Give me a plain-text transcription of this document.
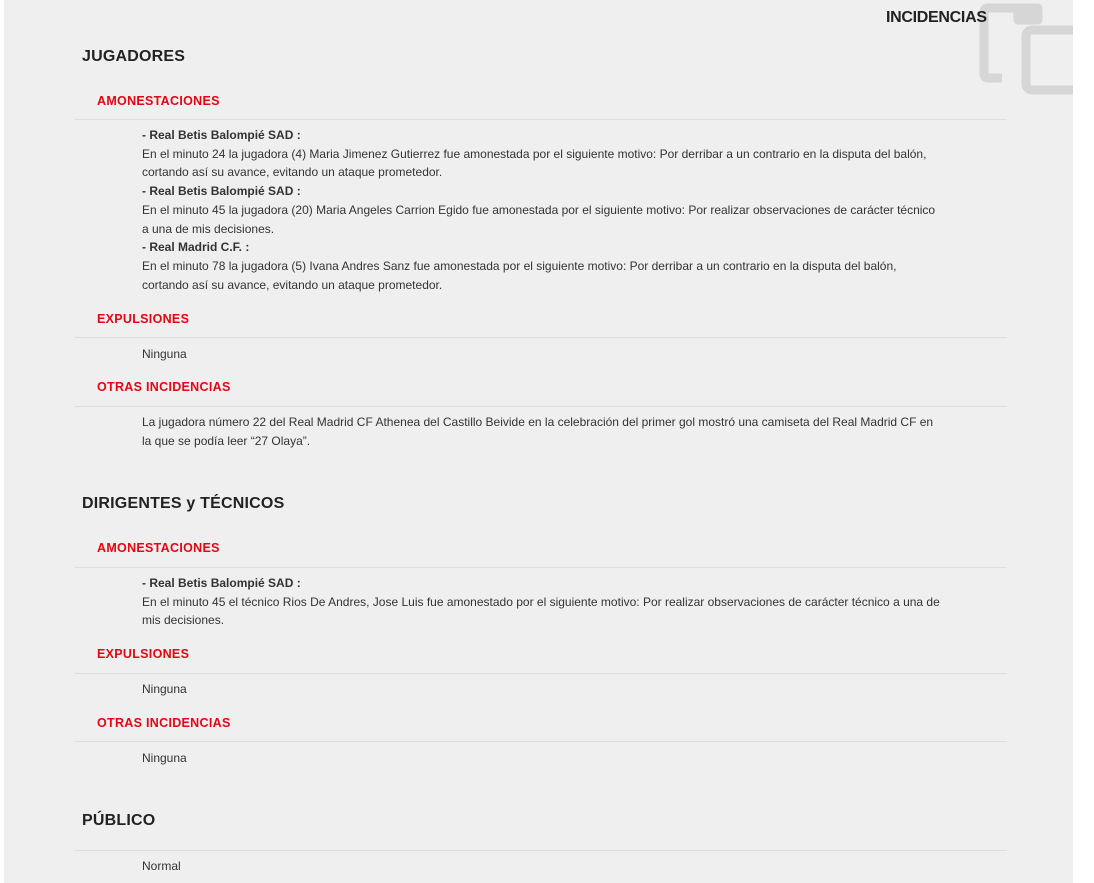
INCIDENCIAS
JUGADORES
AMONESTACIONES
- Real Betis Balompié SAD :
En el minuto 24 la jugadora (4) Maria Jimenez Gutierrez fue amonestada por el siguiente motivo: Por derribar a un contrario en la disputa del balón, cortando así su avance, evitando un ataque prometedor.
- Real Betis Balompié SAD :
En el minuto 45 la jugadora (20) Maria Angeles Carrion Egido fue amonestada por el siguiente motivo: Por realizar observaciones de carácter técnico a una de mis decisiones.
- Real Madrid C.F. :
En el minuto 78 la jugadora (5) Ivana Andres Sanz fue amonestada por el siguiente motivo: Por derribar a un contrario en la disputa del balón, cortando así su avance, evitando un ataque prometedor.
EXPULSIONES
Ninguna
OTRAS INCIDENCIAS
La jugadora número 22 del Real Madrid CF Athenea del Castillo Beivide en la celebración del primer gol mostró una camiseta del Real Madrid CF en la que se podía leer “27 Olaya”.
DIRIGENTES y TÉCNICOS
AMONESTACIONES
- Real Betis Balompié SAD :
En el minuto 45 el técnico Rios De Andres, Jose Luis fue amonestado por el siguiente motivo: Por realizar observaciones de carácter técnico a una de mis decisiones.
EXPULSIONES
Ninguna
OTRAS INCIDENCIAS
Ninguna
PÚBLICO
Normal
